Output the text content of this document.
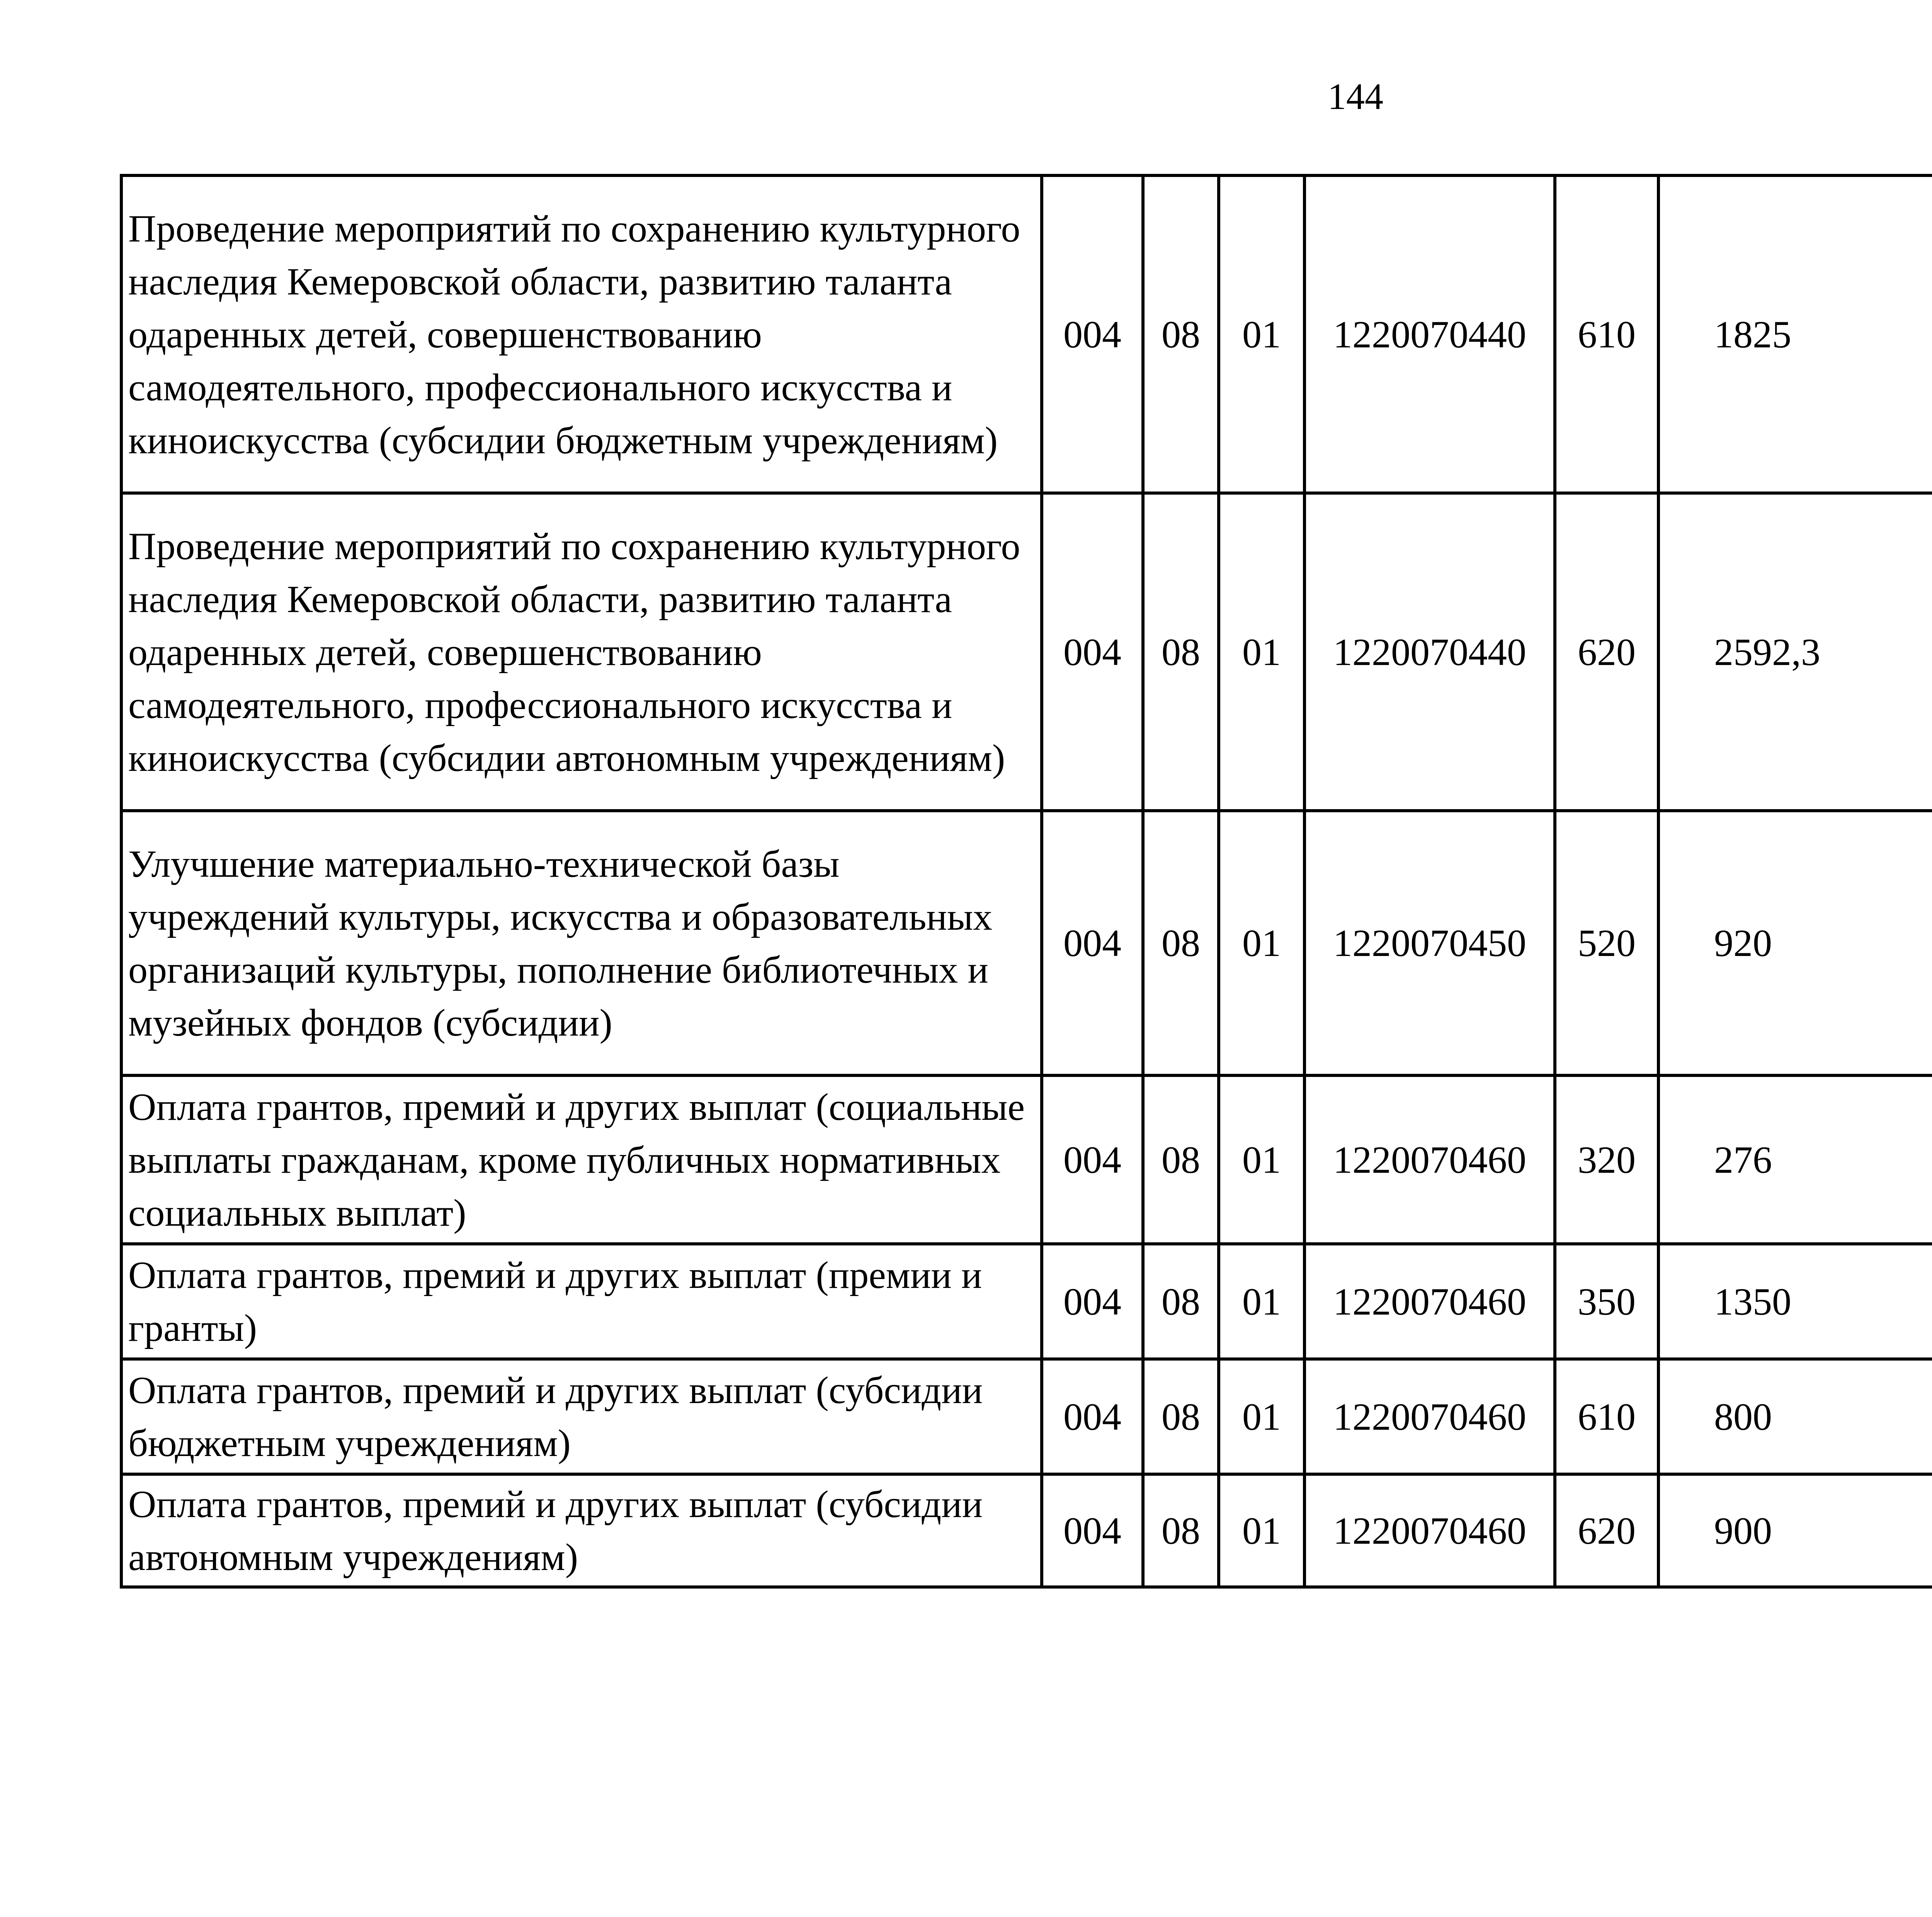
144
Проведение мероприятий по сохранению культурного наследия Кемеровской области, развитию таланта одаренных детей, совершенствованию самодеятельного, профессионального искусства и киноискусства (субсидии бюджетным учреждениям)	004	08	01	1220070440	610	1825		
Проведение мероприятий по сохранению культурного наследия Кемеровской области, развитию таланта одаренных детей, совершенствованию самодеятельного, профессионального искусства и киноискусства (субсидии автономным учреждениям)	004	08	01	1220070440	620	2592,3		
Улучшение материально-технической базы учреждений культуры, искусства и образовательных организаций культуры, пополнение библиотечных и музейных фондов (субсидии)	004	08	01	1220070450	520	920		
Оплата грантов, премий и других выплат (социальные выплаты гражданам, кроме публичных нормативных социальных выплат)	004	08	01	1220070460	320	276		
Оплата грантов, премий и других выплат (премии и гранты)	004	08	01	1220070460	350	1350		
Оплата грантов, премий и других выплат (субсидии бюджетным учреждениям)	004	08	01	1220070460	610	800		
Оплата грантов, премий и других выплат (субсидии автономным учреждениям)	004	08	01	1220070460	620	900		
